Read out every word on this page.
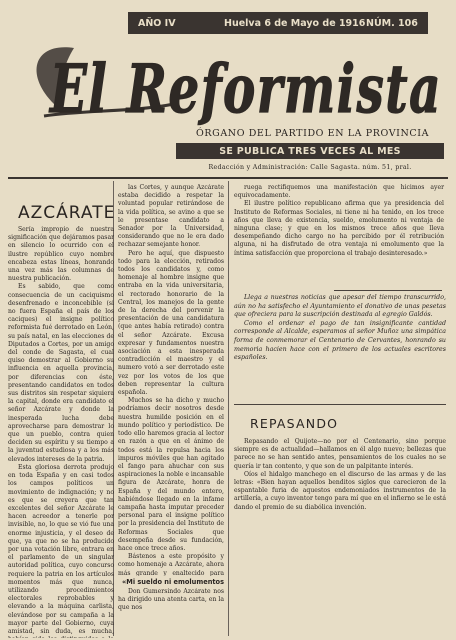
AÑO IV	Huelva 6 de Mayo de 1916 NÚM. 106
El Reformista
ÓRGANO DEL PARTIDO EN LA PROVINCIA
SE PUBLICA TRES VECES AL MES
Redacción y Administración: Calle Sagasta. núm. 51, pral.
AZCÁRATE

Sería impropio de nuestra significación que dejáramos pasar en silencio lo ocurrido con el ilustre repúblico cuyo nombre encabeza estas líneas, honrando una vez más las columnas de nuestra publicación.

Es sabido, que como consecuencia de un caciquismo desenfrenado e inconcebible (si no fuera España el país de los caciques) el insigne político reformista fué derrotado en León, su país natal, en las elecciones de Diputados a Cortes, por un amigo del conde de Sagasta, el cual quiso demostrar al Gobierno su influencia en aquella provincia, por diferencias con éste, presentando candidatos en todos sus distritos sin respetar siquiera la capital, donde era candidato el señor Azcárate y donde la inesperada lucha debe aprovecharse para demostrar lo que un pueblo, contra quien deciden su espíritu y su tiempo a la juventud estudiosa y a los más elevados intereses de la patria.

Esta gloriosa derrota produjo en toda España y en casi todos los campos políticos un movimiento de indignación; y no es que se creyera que tan excelentes del señor Azcárate le hacen acreedor a tenerle por invisible, no, lo que se vió fue una enorme injusticia, y el deseo de que, ya que no se ha producido por una votación libre, entrara en el parlamento de un singular autoridad política, cuyo concurso requiere la patria en los artículos momentos más que nunca, utilizando procedimientos electorales reprobables y elevando a la máquina carlista, elevándose por su campaña a la mayor parte del Gobierno, cuya amistad, sin duda, es mucha,

las Cortes, y aunque Azcárate estaba decidido a respetar la voluntad popular retirándose de la vida política, se avino a que se le presentase candidato a Senador por la Universidad, considerando que no le era dado rechazar semejante honor.

Pero he aquí, que dispuesto todo para la elección, retirados todos los candidatos y, como homenaje al hombre insigne que entraba en la vida universitaria, el rectorado honorario de la Central, los manejos de la gente de la derecha del porvenir la presentación de una candidatura (que antes había retirado) contra el señor Azcárate. Excusa expresar y fundamentos nuestra asociación a esta inesperada contradicción el maestro y el numero votó a ser derrotado este vez por los votos de los que deben representar la cultura española.

Muchos se ha dicho y mucho podríamos decir nosotros desde nuestra humilde posición en el mundo político y periodístico. De todo ello haremos gracia al lector en razón a que en el ánimo de todos está la repulsa hacia los impuros móviles que han agitado el fango para ahuchar con sus aspiraciones la noble e incansable figura de Azcárate, honra de España y del mundo entero, habiéndose llegado en la infame campaña hasta imputar preceder personal para el insigne político por la presidencia del Instituto de Reformas Sociales que desempeña desde su fundación, hace once trece años.

Bástenos a este propósito y como homenaje a Azcárate, ahora más grande y enaltecido para

«Mi sueldo ni emolumentos

Don Gumersindo Azcárate nos ha dirigido una atenta carta, en la que nos

ruega rectifiquemos una manifestación que hicimos ayer equivocadamente.

El ilustre político republicano afirma que ya presidencia del Instituto de Reformas Sociales, ni tiene ni ha tenido, en los trece años que lleva de existencia, sueldo, emolumento ni ventaja de ninguna clase; y que en los mismos trece años que lleva desempeñando dicho cargo no ha percibido por él retribución alguna, ni ha disfrutado de otra ventaja ni emolumento que la íntima satisfacción que proporciona el trabajo desinteresado.»

Llega a nuestras noticias que apesar del tiempo transcurrido, aún no ha satisfecho el Ayuntamiento el donativo de unas pesetas que ofreciera para la suscripción destinada al egregio Galdós.

Como el ordenar el pago de tan insignificante cantidad corresponde al Alcalde, esperamos al señor Muñoz una simpática forma de conmemorar el Centenario de Cervantes, honrando su memoria hacien hace con el primero de los actuales escritores españoles.

REPASANDO

Repasando el Quijote—no por el Centenario, sino porque siempre es de actualidad—hallamos en él algo nuevo; bellezas que parece no se han sentido antes, pensamientos de los cuales no se quería ir tan contento, y que son de un palpitante interés.

Oíos el hidalgo manchego en el discurso de las armas y de las letras: «Bien hayan aquellos benditos siglos que carecieron de la espantable furia de aquestos endemoniados instrumentos de la artillería, a cuyo inventor tengo para mí que en el infierno se le está dando el premio de su diabólica invención.
